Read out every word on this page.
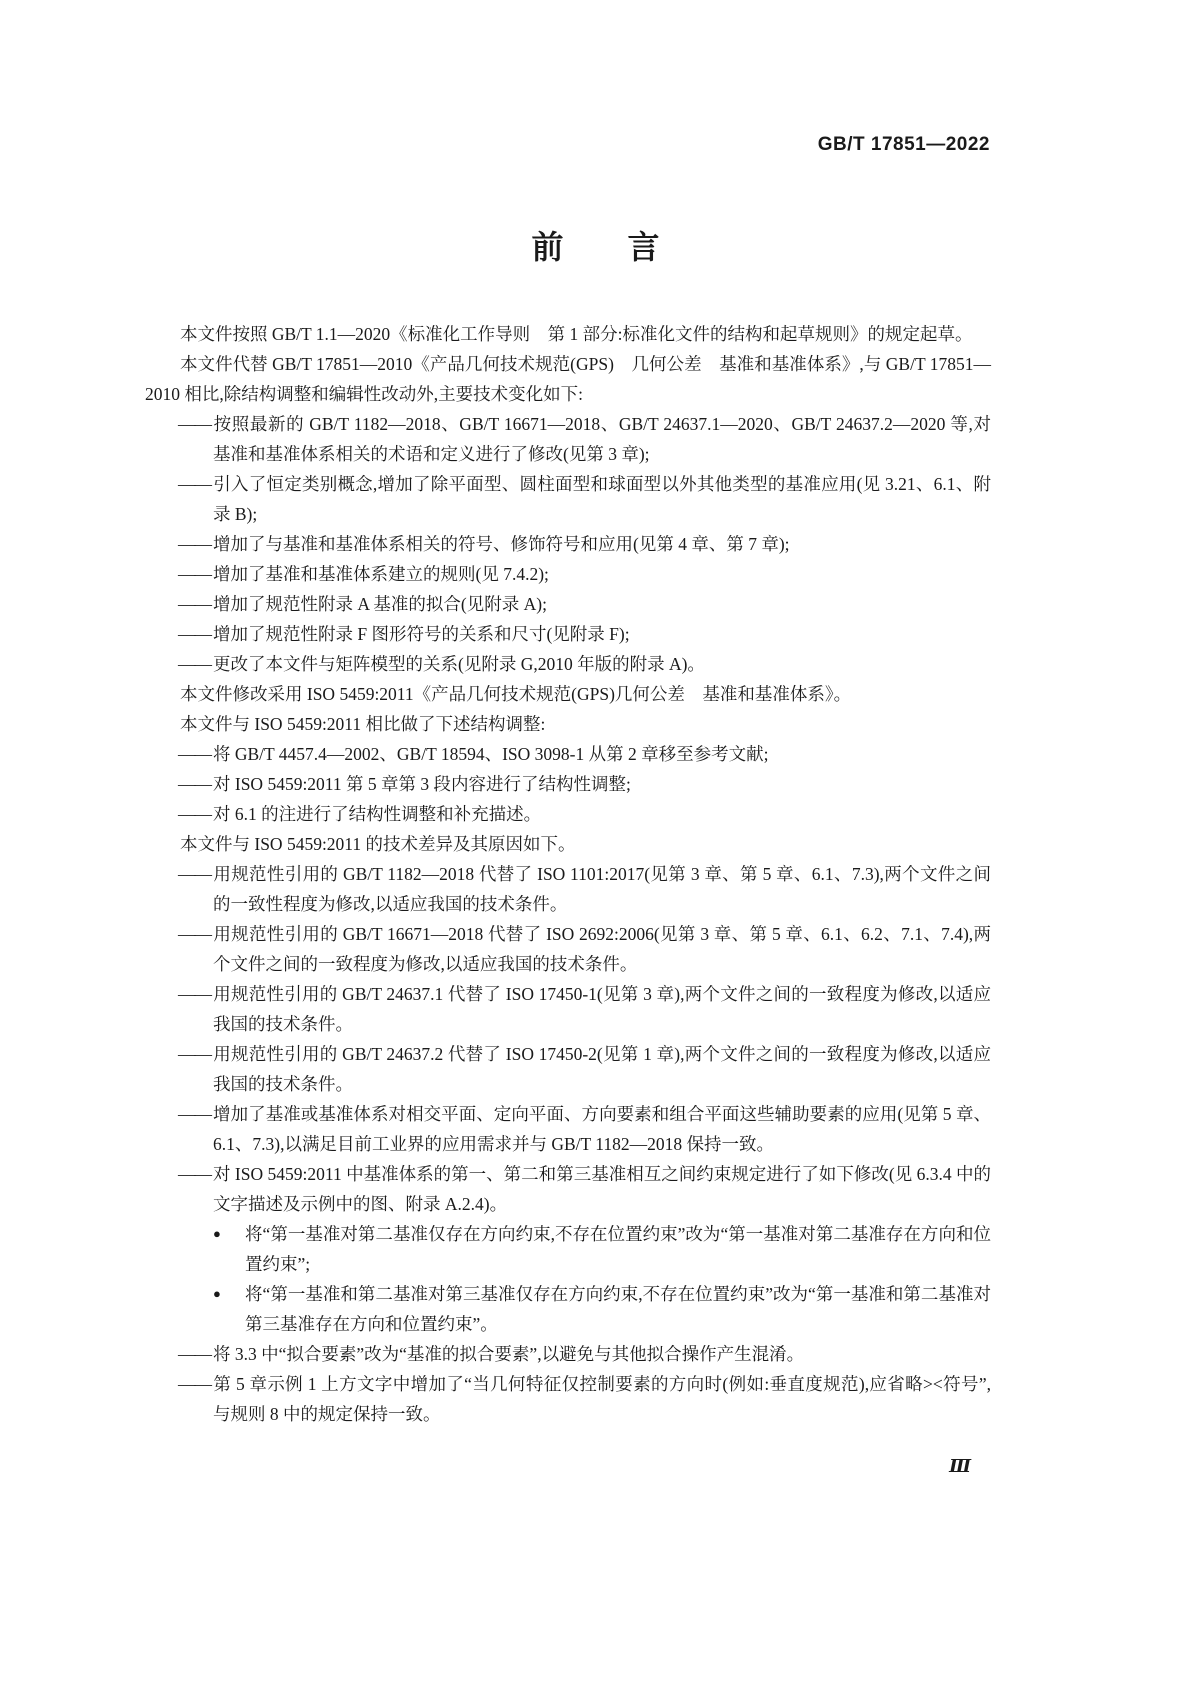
GB/T 17851—2022
前　　言
本文件按照 GB/T 1.1—2020《标准化工作导则　第 1 部分:标准化文件的结构和起草规则》的规定起草。
本文件代替 GB/T 17851—2010《产品几何技术规范(GPS)　几何公差　基准和基准体系》,与 GB/T 17851—2010 相比,除结构调整和编辑性改动外,主要技术变化如下:
—— 按照最新的 GB/T 1182—2018、GB/T 16671—2018、GB/T 24637.1—2020、GB/T 24637.2—2020 等,对基准和基准体系相关的术语和定义进行了修改(见第 3 章);
—— 引入了恒定类别概念,增加了除平面型、圆柱面型和球面型以外其他类型的基准应用(见 3.21、6.1、附录 B);
—— 增加了与基准和基准体系相关的符号、修饰符号和应用(见第 4 章、第 7 章);
—— 增加了基准和基准体系建立的规则(见 7.4.2);
—— 增加了规范性附录 A 基准的拟合(见附录 A);
—— 增加了规范性附录 F 图形符号的关系和尺寸(见附录 F);
—— 更改了本文件与矩阵模型的关系(见附录 G,2010 年版的附录 A)。
本文件修改采用 ISO 5459:2011《产品几何技术规范(GPS)几何公差　基准和基准体系》。
本文件与 ISO 5459:2011 相比做了下述结构调整:
—— 将 GB/T 4457.4—2002、GB/T 18594、ISO 3098-1 从第 2 章移至参考文献;
—— 对 ISO 5459:2011 第 5 章第 3 段内容进行了结构性调整;
—— 对 6.1 的注进行了结构性调整和补充描述。
本文件与 ISO 5459:2011 的技术差异及其原因如下。
—— 用规范性引用的 GB/T 1182—2018 代替了 ISO 1101:2017(见第 3 章、第 5 章、6.1、7.3),两个文件之间的一致性程度为修改,以适应我国的技术条件。
—— 用规范性引用的 GB/T 16671—2018 代替了 ISO 2692:2006(见第 3 章、第 5 章、6.1、6.2、7.1、7.4),两个文件之间的一致程度为修改,以适应我国的技术条件。
—— 用规范性引用的 GB/T 24637.1 代替了 ISO 17450-1(见第 3 章),两个文件之间的一致程度为修改,以适应我国的技术条件。
—— 用规范性引用的 GB/T 24637.2 代替了 ISO 17450-2(见第 1 章),两个文件之间的一致程度为修改,以适应我国的技术条件。
—— 增加了基准或基准体系对相交平面、定向平面、方向要素和组合平面这些辅助要素的应用(见第 5 章、6.1、7.3),以满足目前工业界的应用需求并与 GB/T 1182—2018 保持一致。
—— 对 ISO 5459:2011 中基准体系的第一、第二和第三基准相互之间约束规定进行了如下修改(见 6.3.4 中的文字描述及示例中的图、附录 A.2.4)。
● 将“第一基准对第二基准仅存在方向约束,不存在位置约束”改为“第一基准对第二基准存在方向和位置约束”;
● 将“第一基准和第二基准对第三基准仅存在方向约束,不存在位置约束”改为“第一基准和第二基准对第三基准存在方向和位置约束”。
—— 将 3.3 中“拟合要素”改为“基准的拟合要素”,以避免与其他拟合操作产生混淆。
—— 第 5 章示例 1 上方文字中增加了“当几何特征仅控制要素的方向时(例如:垂直度规范),应省略><符号”,与规则 8 中的规定保持一致。
Ⅲ
